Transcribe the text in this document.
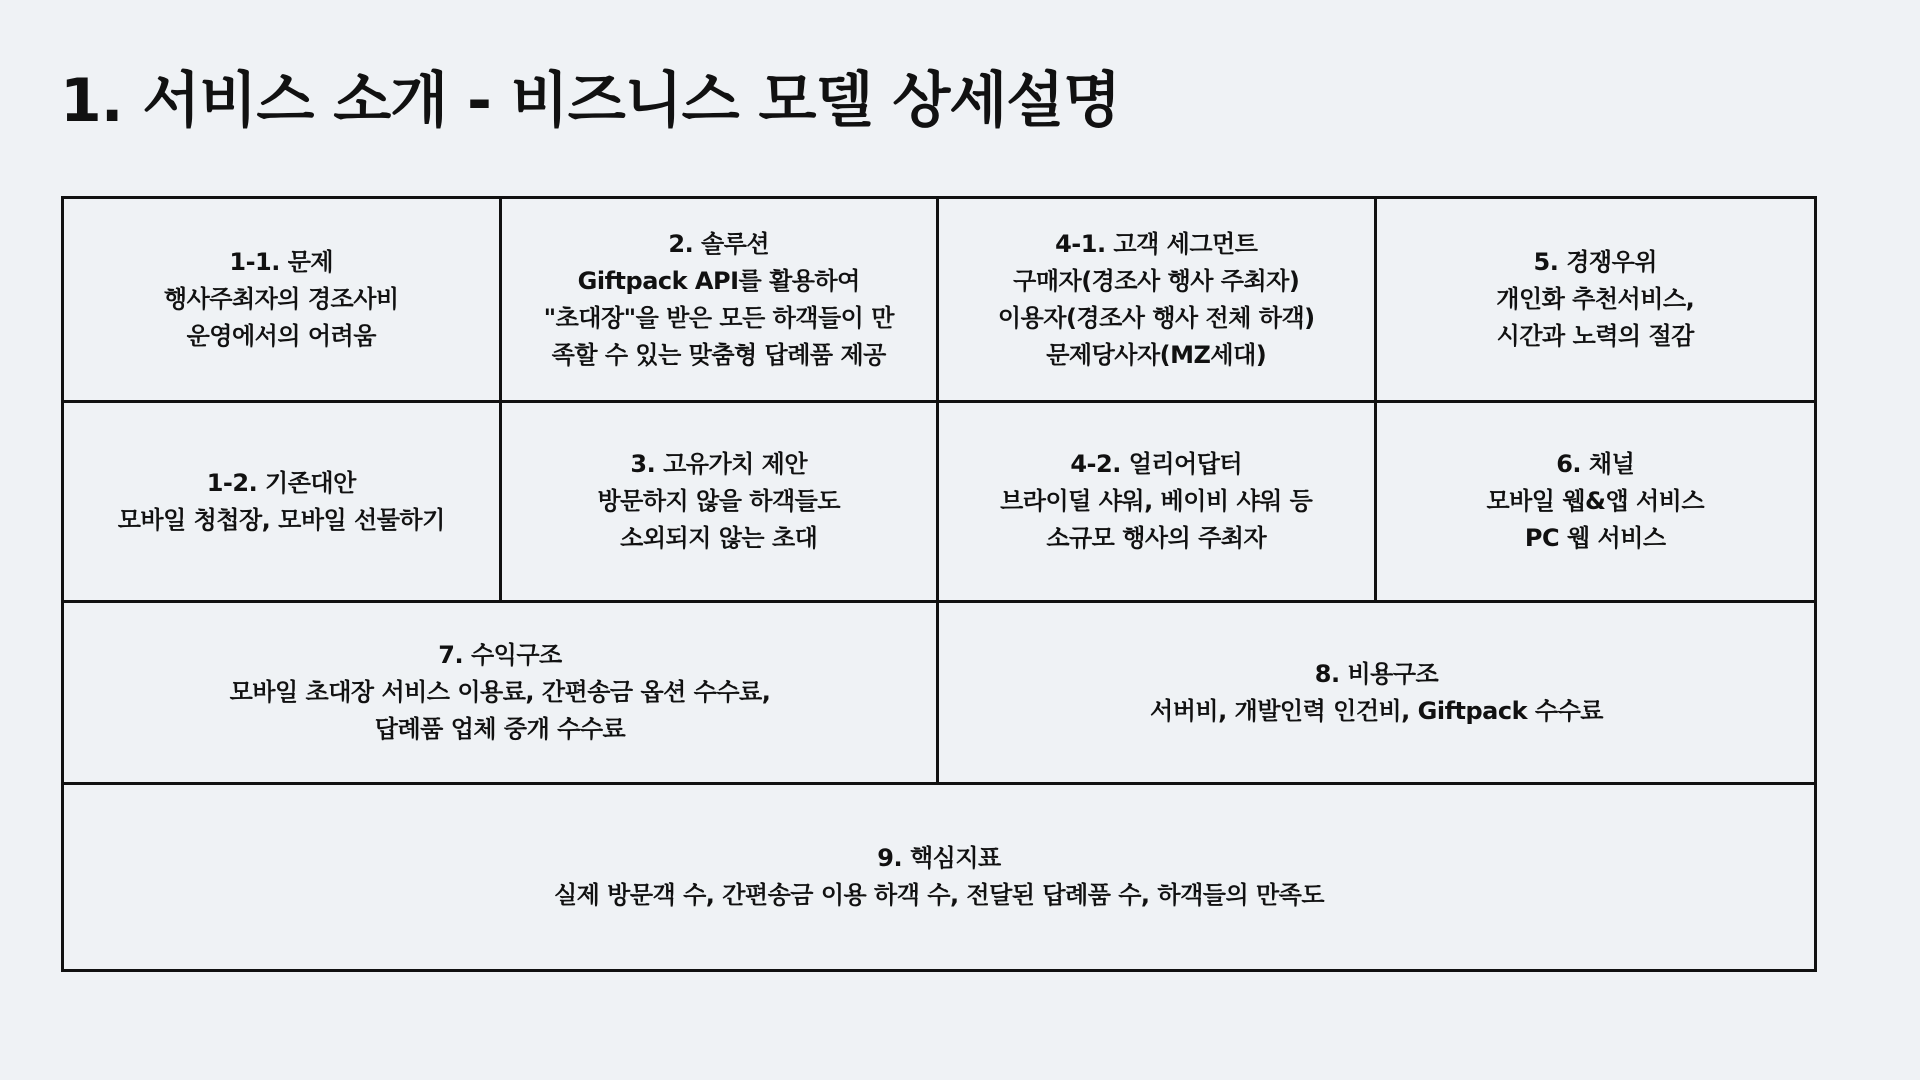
1. 서비스 소개 - 비즈니스 모델 상세설명
1-1. 문제
행사주최자의 경조사비
운영에서의 어려움
2. 솔루션
Giftpack API를 활용하여
"초대장"을 받은 모든 하객들이 만
족할 수 있는 맞춤형 답례품 제공
4-1. 고객 세그먼트
구매자(경조사 행사 주최자)
이용자(경조사 행사 전체 하객)
문제당사자(MZ세대)
5. 경쟁우위
개인화 추천서비스,
시간과 노력의 절감
1-2. 기존대안
모바일 청첩장, 모바일 선물하기
3. 고유가치 제안
방문하지 않을 하객들도
소외되지 않는 초대
4-2. 얼리어답터
브라이덜 샤워, 베이비 샤워 등
소규모 행사의 주최자
6. 채널
모바일 웹&앱 서비스
PC 웹 서비스
7. 수익구조
모바일 초대장 서비스 이용료, 간편송금 옵션 수수료,
답례품 업체 중개 수수료
8. 비용구조
서버비, 개발인력 인건비, Giftpack 수수료
9. 핵심지표
실제 방문객 수, 간편송금 이용 하객 수, 전달된 답례품 수, 하객들의 만족도
